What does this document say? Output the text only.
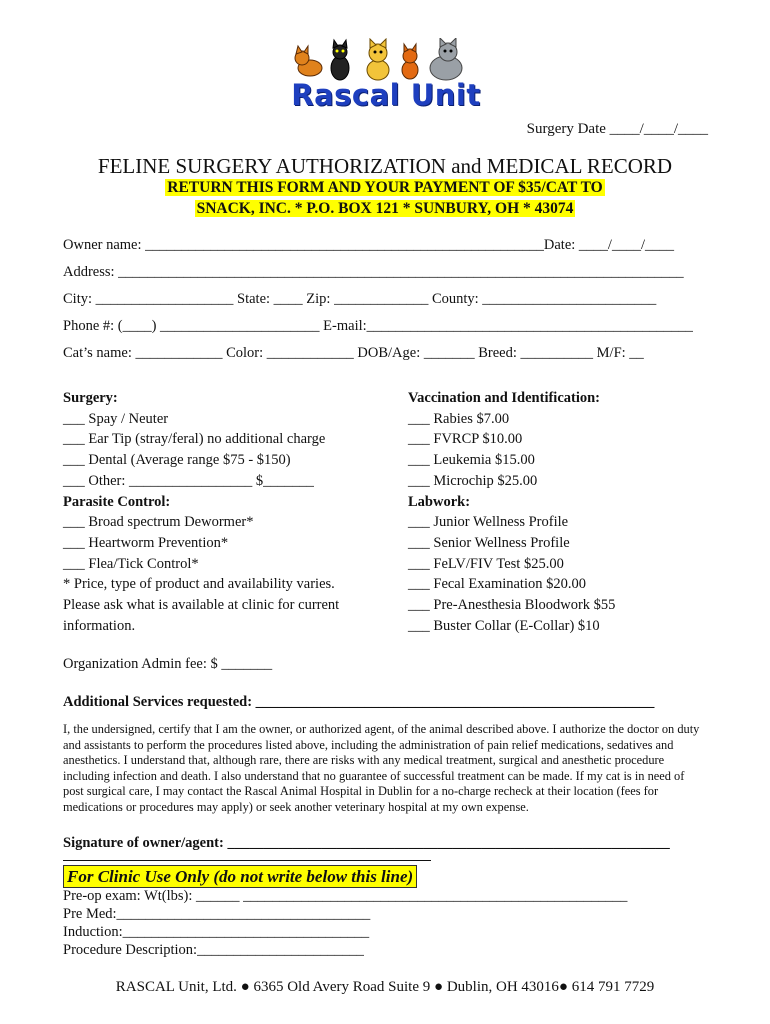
Rascal Unit
Surgery Date ____/____/____
FELINE SURGERY AUTHORIZATION and MEDICAL RECORD
RETURN THIS FORM AND YOUR PAYMENT OF $35/CAT TO
SNACK, INC. * P.O. BOX 121 * SUNBURY, OH * 43074
Owner name: _______________________________________________________Date: ____/____/____
Address: ______________________________________________________________________________
City: ___________________ State: ____ Zip: _____________ County: ________________________
Phone #: (____) ______________________ E-mail:_____________________________________________
Cat’s name: ____________ Color: ____________ DOB/Age: _______ Breed: __________ M/F: __
Surgery:
___ Spay / Neuter
___ Ear Tip (stray/feral) no additional charge
___ Dental (Average range $75 - $150)
___ Other: _________________ $_______
Parasite Control:
___ Broad spectrum Dewormer*
___ Heartworm Prevention*
___ Flea/Tick Control*
* Price, type of product and availability varies.
Please ask what is available at clinic for current
information.
Vaccination and Identification:
___ Rabies $7.00
___ FVRCP $10.00
___ Leukemia $15.00
___ Microchip $25.00
Labwork:
___ Junior Wellness Profile
___ Senior Wellness Profile
___ FeLV/FIV Test $25.00
___ Fecal Examination $20.00
___ Pre-Anesthesia Bloodwork $55
___ Buster Collar (E-Collar) $10
Organization Admin fee: $ _______
Additional Services requested: _______________________________________________________
I, the undersigned, certify that I am the owner, or authorized agent, of the animal described above. I authorize the doctor on duty and assistants to perform the procedures listed above, including the administration of pain relief medications, sedatives and anesthetics. I understand that, although rare, there are risks with any medical treatment, surgical and anesthetic procedure including infection and death. I also understand that no guarantee of successful treatment can be made. If my cat is in need of post surgical care, I may contact the Rascal Animal Hospital in Dublin for a no-charge recheck at their location (fees for medications or procedures may apply) or seek another veterinary hospital at my own expense.
Signature of owner/agent: _____________________________________________________________
For Clinic Use Only (do not write below this line)
Pre-op exam: Wt(lbs): ______ _____________________________________________________
Pre Med:___________________________________
Induction:__________________________________
Procedure Description:_______________________
RASCAL Unit, Ltd. ● 6365 Old Avery Road Suite 9 ● Dublin, OH 43016● 614 791 7729
